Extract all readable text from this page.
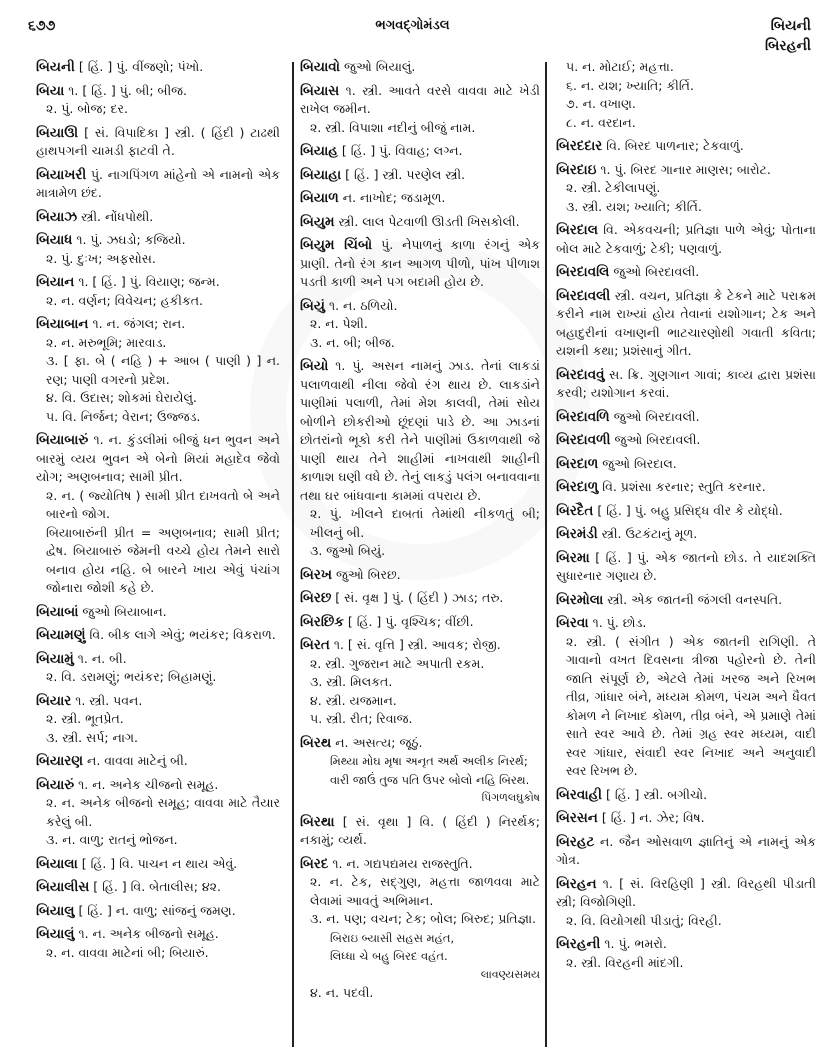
૬૭૭	ભગવદ્ગોમંડલ	બિયની
બિરહની
બિયની [ હિં. ] પું. વીંજણો; પંખો.
બિયા ૧. [ હિં. ] પું. બી; બીજ.
૨. પું. બોજ; દર.
બિયાઊ [ સં. વિપાદિકા ] સ્ત્રી. ( હિંદી ) ટાઢથી હાથપગની ચામડી ફાટવી તે.
બિયાખરી પું. નાગપિંગળ માંહેનો એ નામનો એક માત્રામેળ છંદ.
બિયાઝ સ્ત્રી. નોંધપોથી.
બિયાધ ૧. પું. ઝઘડો; કજિયો.
૨. પું. દુઃખ; અફસોસ.
બિયાન ૧. [ હિં. ] પું. વિયાણ; જન્મ.
૨. ન. વર્ણન; વિવેચન; હકીકત.
બિયાબાન ૧. ન. જંગલ; રાન.
૨. ન. મરુભૂમિ; મારવાડ.
૩. [ ફા. બે ( નહિ ) + આબ ( પાણી ) ] ન. રણ; પાણી વગરનો પ્રદેશ.
૪. વિ. ઉદાસ; શોકમાં ઘેરાયેલું.
૫. વિ. નિર્જન; વેરાન; ઉજ્જડ.
બિયાબારું ૧. ન. કુંડલીમાં બીજું ધન ભુવન અને બારમું વ્યય ભુવન એ બેનો મિયાં મહાદેવ જેવો યોગ; અણબનાવ; સામી પ્રીત.
૨. ન. ( જ્યોતિષ ) સામી પ્રીત દાખવતો બે અને બારનો જોગ.
બિયાબારુંની પ્રીત = અણબનાવ; સામી પ્રીત; દ્વેષ. બિયાબારું જેમની વચ્ચે હોય તેમને સારો બનાવ હોય નહિ. બે બારને ખાય એવું પંચાંગ જોનારા જોશી કહે છે.
બિયાબાં જુઓ બિયાબાન.
બિયામણું વિ. બીક લાગે એવું; ભયંકર; વિકરાળ.
બિયામું ૧. ન. બી.
૨. વિ. ડરામણું; ભયંકર; બિહામણું.
બિયાર ૧. સ્ત્રી. પવન.
૨. સ્ત્રી. ભૂતપ્રેત.
૩. સ્ત્રી. સર્પ; નાગ.
બિયારણ ન. વાવવા માટેનું બી.
બિયારું ૧. ન. અનેક ચીજનો સમૂહ.
૨. ન. અનેક બીજનો સમૂહ; વાવવા માટે તૈયાર કરેલું બી.
૩. ન. વાળુ; રાતનું ભોજન.
બિયાલા [ હિં. ] વિ. પાચન ન થાય એવું.
બિયાલીસ [ હિં. ] વિ. બેતાલીસ; ૪૨.
બિયાલુ [ હિં. ] ન. વાળુ; સાંજનું જમણ.
બિયાલું ૧. ન. અનેક બીજનો સમૂહ.
૨. ન. વાવવા માટેનાં બી; બિયારું.
બિયાવો જુઓ બિયાલું.
બિયાસ ૧. સ્ત્રી. આવતે વરસે વાવવા માટે ખેડી રાખેલ જમીન.
૨. સ્ત્રી. વિપાશા નદીનું બીજું નામ.
બિયાહ [ હિં. ] પું. વિવાહ; લગ્ન.
બિયાહા [ હિં. ] સ્ત્રી. પરણેલ સ્ત્રી.
બિયાળ ન. નાખોદ; જડામૂળ.
બિયુમ સ્ત્રી. લાલ પેટવાળી ઊડતી ખિસકોલી.
બિયુમ ચિંબો પું. નેપાળનું કાળા રંગનું એક પ્રાણી. તેનો રંગ કાન આગળ પીળો, પાંખ પીળાશ પડતી કાળી અને પગ બદામી હોય છે.
બિયું ૧. ન. ઠળિયો.
૨. ન. પેશી.
૩. ન. બી; બીજ.
બિયો ૧. પું. અસન નામનું ઝાડ. તેનાં લાકડાં પલાળવાથી નીલા જેવો રંગ થાય છે. લાકડાંને પાણીમાં પલાળી, તેમાં મેશ કાલવી, તેમાં સોય બોળીને છોકરીઓ છૂંદણાં પાડે છે. આ ઝાડનાં છોતરાંનો ભૂકો કરી તેને પાણીમાં ઉકાળવાથી જે પાણી થાય તેને શાહીમાં નાખવાથી શાહીની કાળાશ ઘણી વધે છે. તેનું લાકડું પલંગ બનાવવાના તથા ઘર બાંધવાના કામમાં વપરાય છે.
૨. પું. ખીલને દાબતાં તેમાંથી નીકળતું બી; ખીલનું બી.
૩. જુઓ બિયું.
બિરખ જુઓ બિરછ.
બિરછ [ સં. વૃક્ષ ] પું. ( હિંદી ) ઝાડ; તરુ.
બિરછિક [ હિં. ] પું. વૃશ્ચિક; વીંછી.
બિરત ૧. [ સં. વૃત્તિ ] સ્ત્રી. આવક; રોજી.
૨. સ્ત્રી. ગુજરાન માટે અપાતી રકમ.
૩. સ્ત્રી. મિલકત.
૪. સ્ત્રી. યજમાન.
૫. સ્ત્રી. રીત; રિવાજ.
બિરથ ન. અસત્ય; જૂઠું.
મિથ્યા મોઘ મૃષા અનૃત અર્થ અલીક નિરર્થ;
વારી જાઉં તુજ પતિ ઉપર બોલો નહિ બિરથ.
પિંગળલઘુકોષ
બિરથા [ સં. વૃથા ] વિ. ( હિંદી ) નિરર્થક; નકામું; વ્યર્થ.
બિરદ ૧. ન. ગદ્યપદ્યમય રાજસ્તુતિ.
૨. ન. ટેક, સદ્ગુણ, મહત્તા જાળવવા માટે લેવામાં આવતું અભિમાન.
૩. ન. પણ; વચન; ટેક; બોલ; બિરુદ; પ્રતિજ્ઞા.
બિરાઇ બ્યાસી સહસ મહંત,
લિધ્ધા ચે બહુ બિરદ વહંત.
લાવણ્યસમય
૪. ન. પદવી.
૫. ન. મોટાઈ; મહત્તા.
૬. ન. યશ; ખ્યાતિ; કીર્તિ.
૭. ન. વખાણ.
૮. ન. વરદાન.
બિરદદાર વિ. બિરદ પાળનાર; ટેકવાળું.
બિરદાઇ ૧. પું. બિરદ ગાનાર માણસ; બારોટ.
૨. સ્ત્રી. ટેકીલાપણું.
૩. સ્ત્રી. યશ; ખ્યાતિ; કીર્તિ.
બિરદાલ વિ. એકવચની; પ્રતિજ્ઞા પાળે એવું; પોતાના બોલ માટે ટેકવાળું; ટેકી; પણવાળું.
બિરદાવલિ જુઓ બિરદાવલી.
બિરદાવલી સ્ત્રી. વચન, પ્રતિજ્ઞા કે ટેકને માટે પરાક્રમ કરીને નામ રાખ્યાં હોય તેવાનાં યશોગાન; ટેક અને બહાદુરીનાં વખાણની ભાટચારણોથી ગવાતી કવિતા; યશની કથા; પ્રશંસાનું ગીત.
બિરદાવવું સ. ક્રિ. ગુણગાન ગાવાં; કાવ્ય દ્વારા પ્રશંસા કરવી; યશોગાન કરવાં.
બિરદાવળિ જુઓ બિરદાવલી.
બિરદાવળી જુઓ બિરદાવલી.
બિરદાળ જુઓ બિરદાલ.
બિરદાળુ વિ. પ્રશંસા કરનાર; સ્તુતિ કરનાર.
બિરદૈત [ હિં. ] પું. બહુ પ્રસિદ્ધ વીર કે યોદ્ધો.
બિરમંડી સ્ત્રી. ઉટકંટાનું મૂળ.
બિરમા [ હિં. ] પું. એક જાતનો છોડ. તે યાદશક્તિ સુધારનાર ગણાય છે.
બિરમોલા સ્ત્રી. એક જાતની જંગલી વનસ્પતિ.
બિરવા ૧. પું. છોડ.
૨. સ્ત્રી. ( સંગીત ) એક જાતની રાગિણી. તે ગાવાનો વખત દિવસના ત્રીજા પહોરનો છે. તેની જાતિ સંપૂર્ણ છે, એટલે તેમાં ખરજ અને રિખભ તીવ્ર, ગાંધાર બંને, મધ્યમ કોમળ, પંચમ અને ધૈવત કોમળ ને નિખાદ કોમળ, તીવ્ર બંને, એ પ્રમાણે તેમાં સાતે સ્વર આવે છે. તેમાં ગ્રહ સ્વર મધ્યમ, વાદી સ્વર ગાંધાર, સંવાદી સ્વર નિખાદ અને અનુવાદી સ્વર રિખભ છે.
બિરવાહી [ હિં. ] સ્ત્રી. બગીચો.
બિરસન [ હિં. ] ન. ઝેર; વિષ.
બિરહટ ન. જૈન ઓસવાળ જ્ઞાતિનું એ નામનું એક ગોત્ર.
બિરહન ૧. [ સં. વિરહિણી ] સ્ત્રી. વિરહથી પીડાતી સ્ત્રી; વિજોગિણી.
૨. વિ. વિયોગથી પીડાતું; વિરહી.
બિરહની ૧. પું. ભમરો.
૨. સ્ત્રી. વિરહની માંદગી.
